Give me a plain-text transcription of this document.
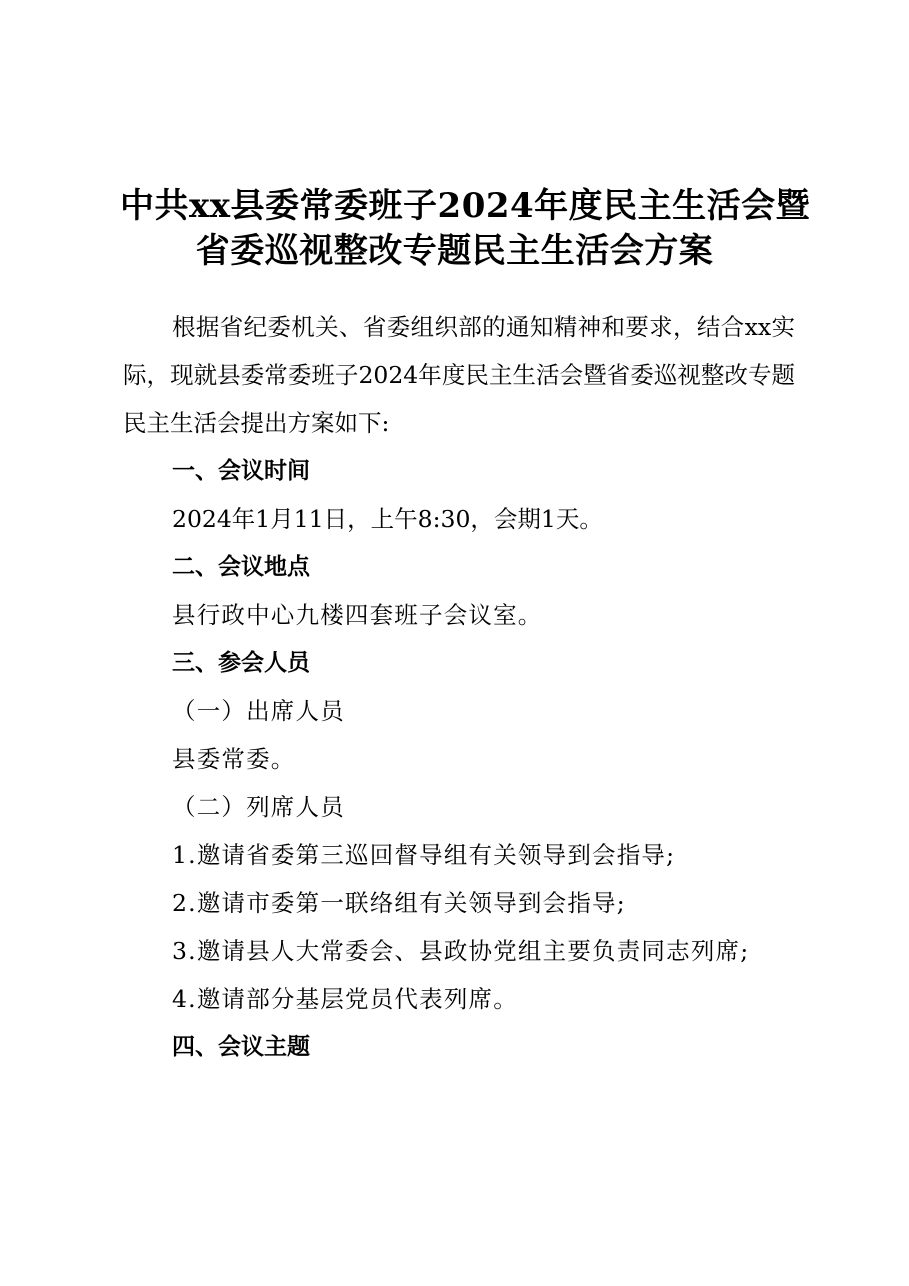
中共xx县委常委班子2024年度民主生活会暨
省委巡视整改专题民主生活会方案
根据省纪委机关、省委组织部的通知精神和要求，结合xx实
际，现就县委常委班子2024年度民主生活会暨省委巡视整改专题
民主生活会提出方案如下:
一、会议时间
2024年1月11日，上午8:30，会期1天。
二、会议地点
县行政中心九楼四套班子会议室。
三、参会人员
（一）出席人员
县委常委。
（二）列席人员
1.邀请省委第三巡回督导组有关领导到会指导;
2.邀请市委第一联络组有关领导到会指导;
3.邀请县人大常委会、县政协党组主要负责同志列席;
4.邀请部分基层党员代表列席。
四、会议主题
